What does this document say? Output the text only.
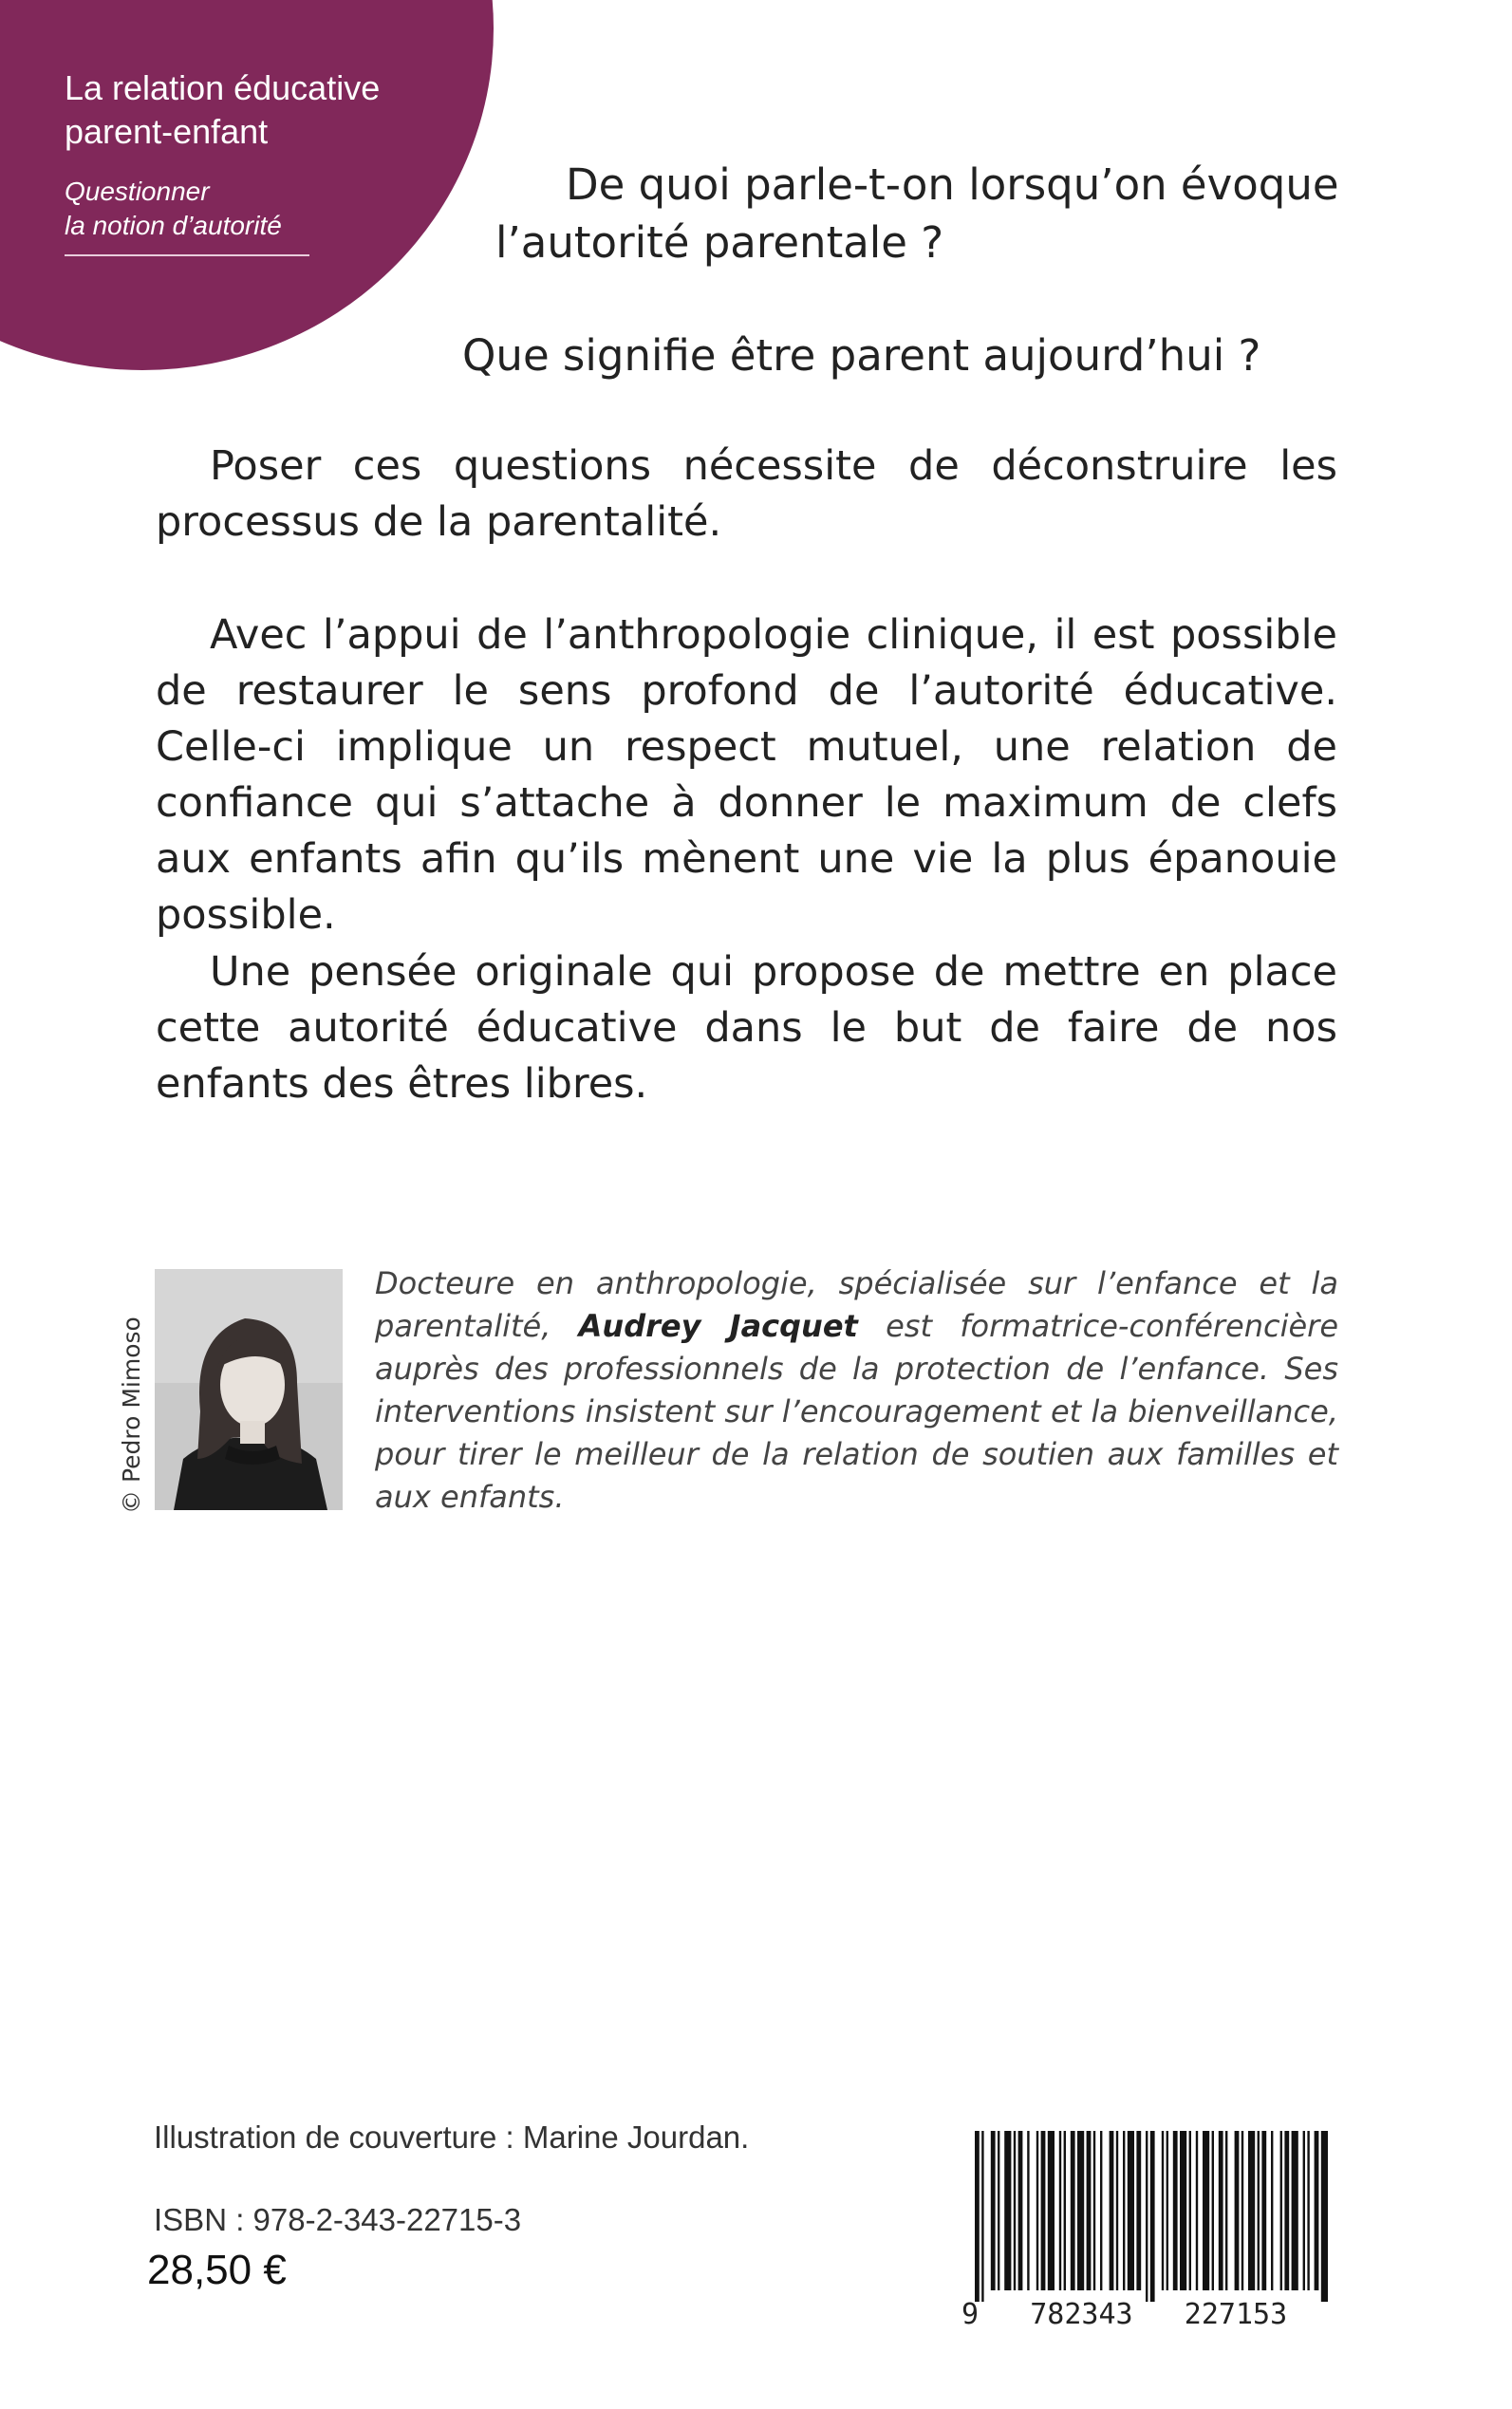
La relation éducative
parent-enfant
Questionner
la notion d’autorité
De quoi parle-t-on lorsqu’on évoque
l’autorité parentale ?
Que signifie être parent aujourd’hui ?
Poser ces questions nécessite de déconstruire les processus de la parentalité.
Avec l’appui de l’anthropologie clinique, il est possible de restaurer le sens profond de l’autorité éducative. Celle-ci implique un respect mutuel, une relation de confiance qui s’attache à donner le maximum de clefs aux enfants afin qu’ils mènent une vie la plus épanouie possible.
Une pensée originale qui propose de mettre en place cette autorité éducative dans le but de faire de nos enfants des êtres libres.
© Pedro Mimoso
Docteure en anthropologie, spécialisée sur l’enfance et la parentalité, Audrey Jacquet est formatrice-conférencière auprès des professionnels de la protection de l’enfance. Ses interventions insistent sur l’encouragement et la bienveillance, pour tirer le meilleur de la relation de soutien aux familles et aux enfants.
Illustration de couverture : Marine Jourdan.
ISBN : 978-2-343-22715-3
28,50 €
9   782343   227153
